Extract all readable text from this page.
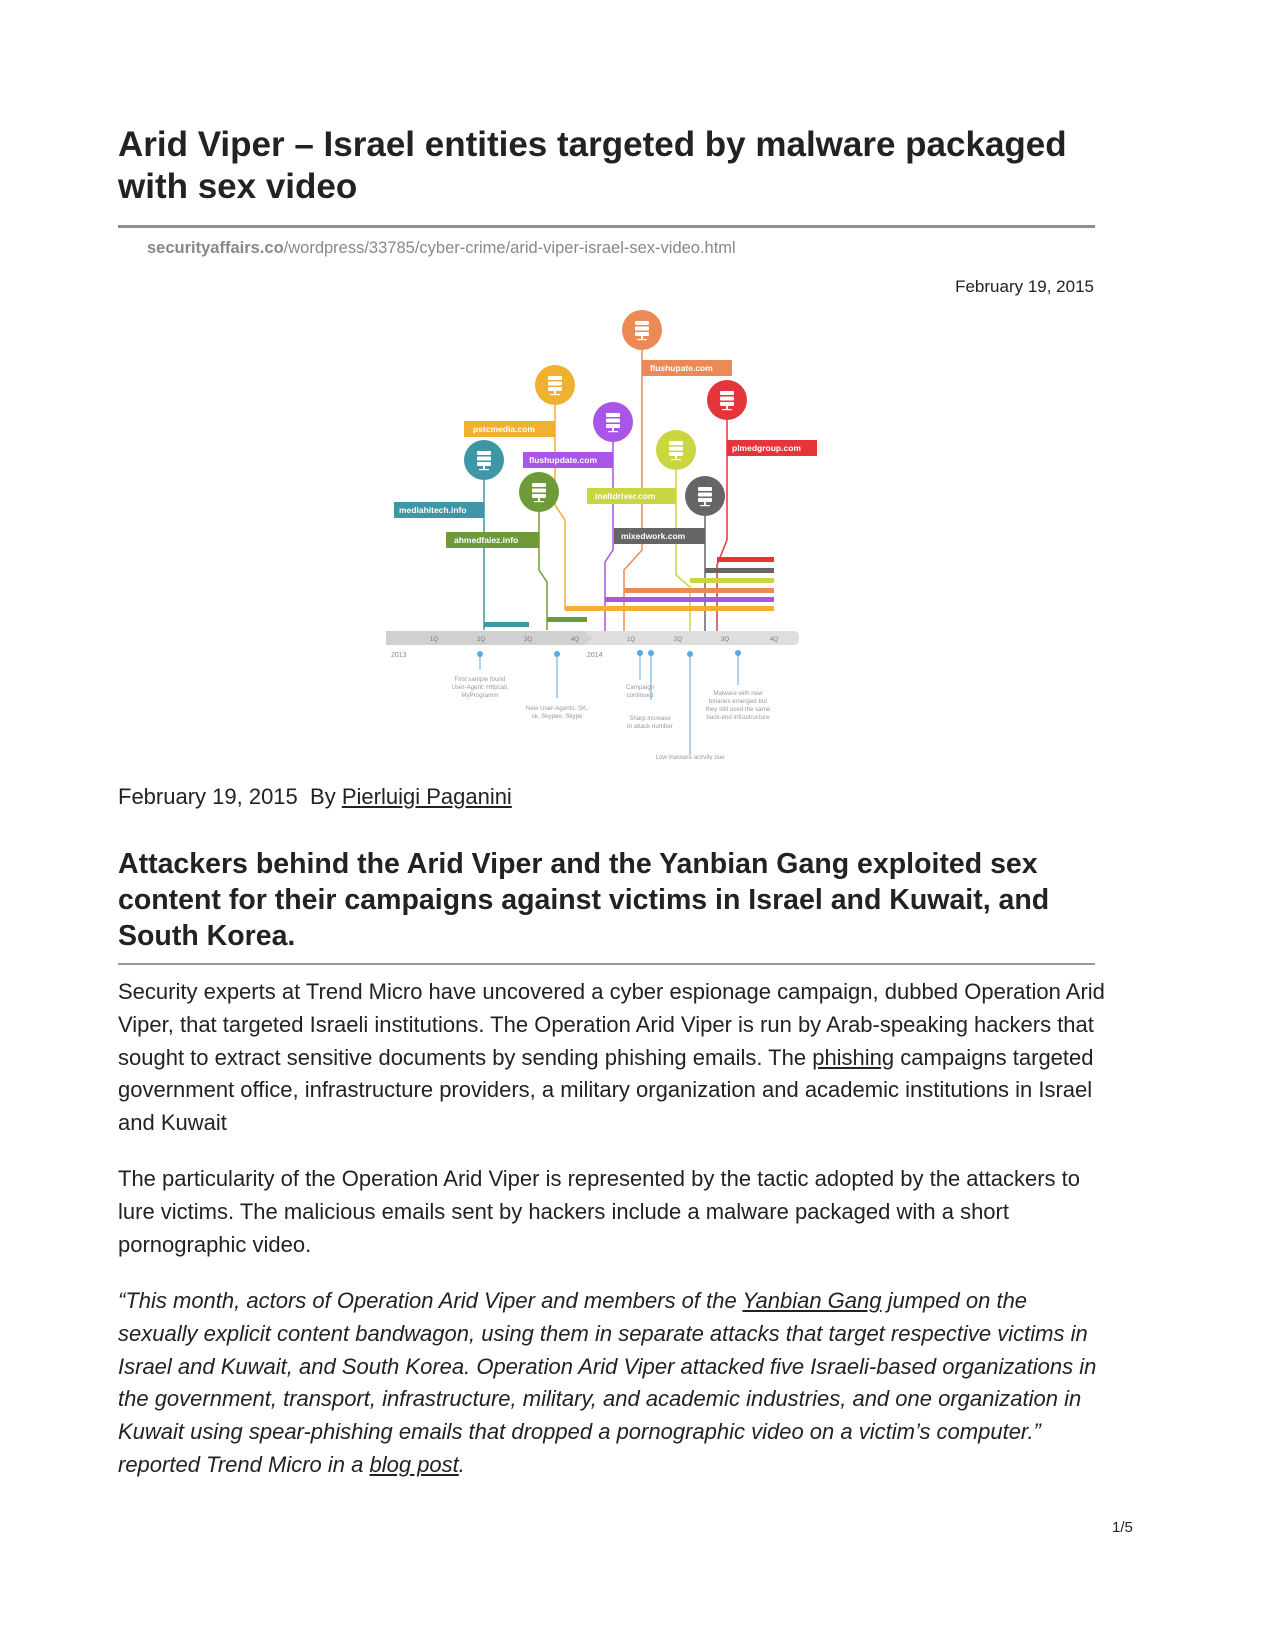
Arid Viper – Israel entities targeted by malware packaged with sex video
securityaffairs.co/wordpress/33785/cyber-crime/arid-viper-israel-sex-video.html
February 19, 2015
mediahitech.info
pstcmedia.com
ahmedfaiez.info
flushupdate.com
flushupate.com
ineltdriver.com
mixedwork.com
plmedgroup.com
1Q	2Q	3Q	4Q	1Q	2Q	3Q	4Q
2013	2014
First sample found
User-Agent: Httpcall,
MyProgramm
New User-Agents: SK,
sk, Skypee, Skype
Campaign
continued
Sharp increase
in attack number
Malware with new
binaries emerged but
they still used the same
back-end infrastructure
Low malware activity due
February 19, 2015 By Pierluigi Paganini
Attackers behind the Arid Viper and the Yanbian Gang exploited sex content for their campaigns against victims in Israel and Kuwait, and South Korea.
Security experts at Trend Micro have uncovered a cyber espionage campaign, dubbed Operation Arid Viper, that targeted Israeli institutions. The Operation Arid Viper is run by Arab-speaking hackers that sought to extract sensitive documents by sending phishing emails. The phishing campaigns targeted government office, infrastructure providers, a military organization and academic institutions in Israel and Kuwait
The particularity of the Operation Arid Viper is represented by the tactic adopted by the attackers to lure victims. The malicious emails sent by hackers include a malware packaged with a short pornographic video.
“This month, actors of Operation Arid Viper and members of the Yanbian Gang jumped on the sexually explicit content bandwagon, using them in separate attacks that target respective victims in Israel and Kuwait, and South Korea. Operation Arid Viper attacked five Israeli-based organizations in the government, transport, infrastructure, military, and academic industries, and one organization in Kuwait using spear-phishing emails that dropped a pornographic video on a victim’s computer.” reported Trend Micro in a blog post.
1/5
